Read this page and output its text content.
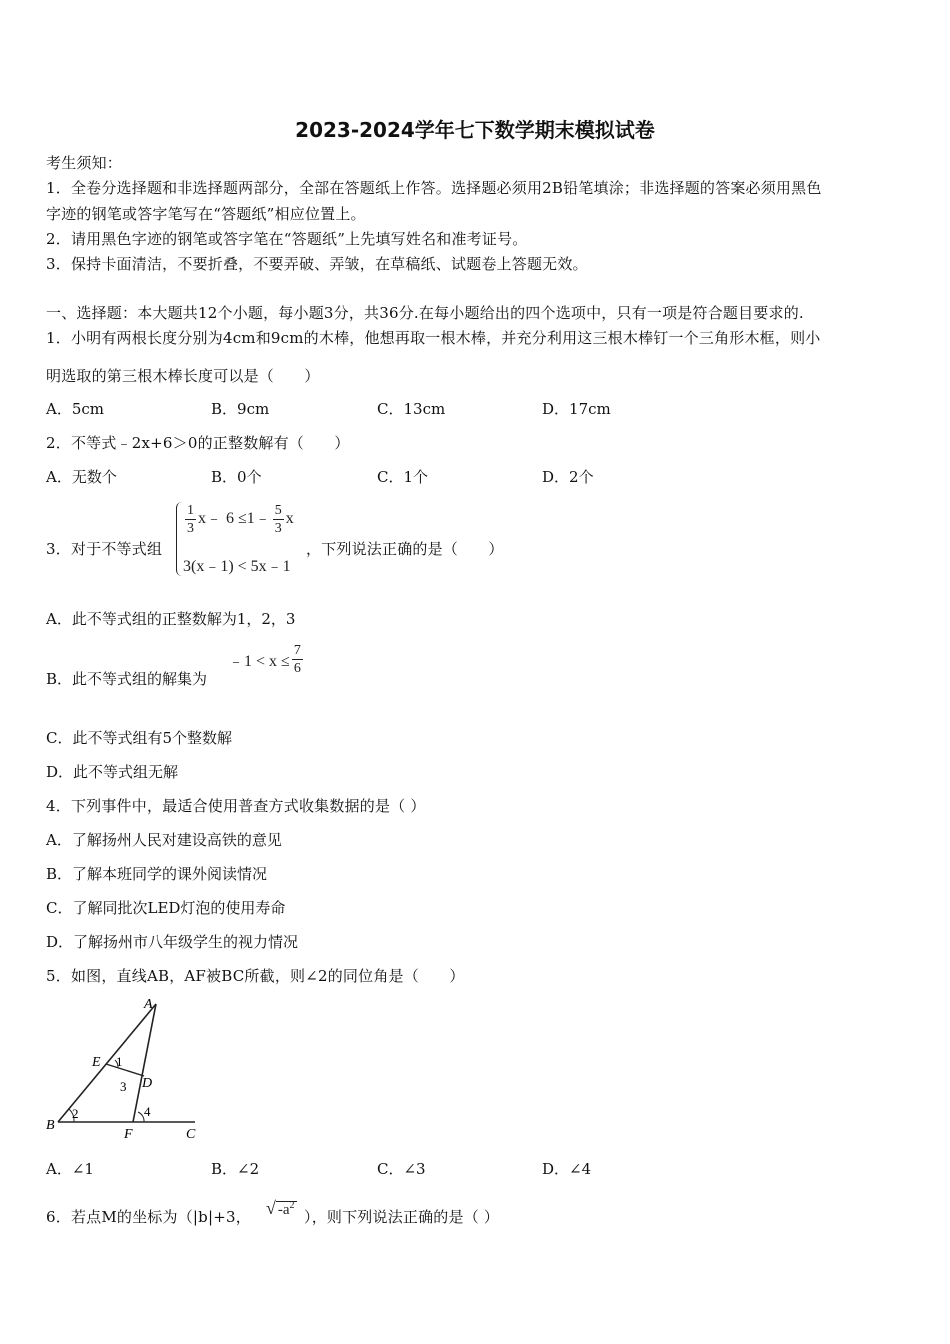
2023-2024学年七下数学期末模拟试卷
考生须知：
1．全卷分选择题和非选择题两部分，全部在答题纸上作答。选择题必须用2B铅笔填涂；非选择题的答案必须用黑色
字迹的钢笔或答字笔写在“答题纸”相应位置上。
2．请用黑色字迹的钢笔或答字笔在“答题纸”上先填写姓名和准考证号。
3．保持卡面清洁，不要折叠，不要弄破、弄皱，在草稿纸、试题卷上答题无效。
一、选择题：本大题共12个小题，每小题3分，共36分.在每小题给出的四个选项中，只有一项是符合题目要求的.
1．小明有两根长度分别为4cm和9cm的木棒，他想再取一根木棒，并充分利用这三根木棒钉一个三角形木框，则小
明选取的第三根木棒长度可以是（　　）
A．5cm	B．9cm	C．13cm	D．17cm
2．不等式﹣2x+6＞0的正整数解有（　　）
A．无数个	B．0个	C．1个	D．2个
3．对于不等式组
$\frac{1}{3}$ x﹣ 6 ≤1﹣ $\frac{5}{3}$ x
3(x﹣1) < 5x﹣1
，下列说法正确的是（　　）
A．此不等式组的正整数解为1，2，3
B．此不等式组的解集为
﹣1 < $x \le \frac{7}{6}$
C．此不等式组有5个整数解
D．此不等式组无解
4．下列事件中，最适合使用普查方式收集数据的是（ ）
A．了解扬州人民对建设高铁的意见
B．了解本班同学的课外阅读情况
C．了解同批次LED灯泡的使用寿命
D．了解扬州市八年级学生的视力情况
5．如图，直线AB，AF被BC所截，则∠2的同位角是（　　）
A
B
C
D
E
F
1
2
3
4
A．∠1	B．∠2	C．∠3	D．∠4
6．若点M的坐标为（|b|+3， √ $-a^2$
），则下列说法正确的是（ ）
